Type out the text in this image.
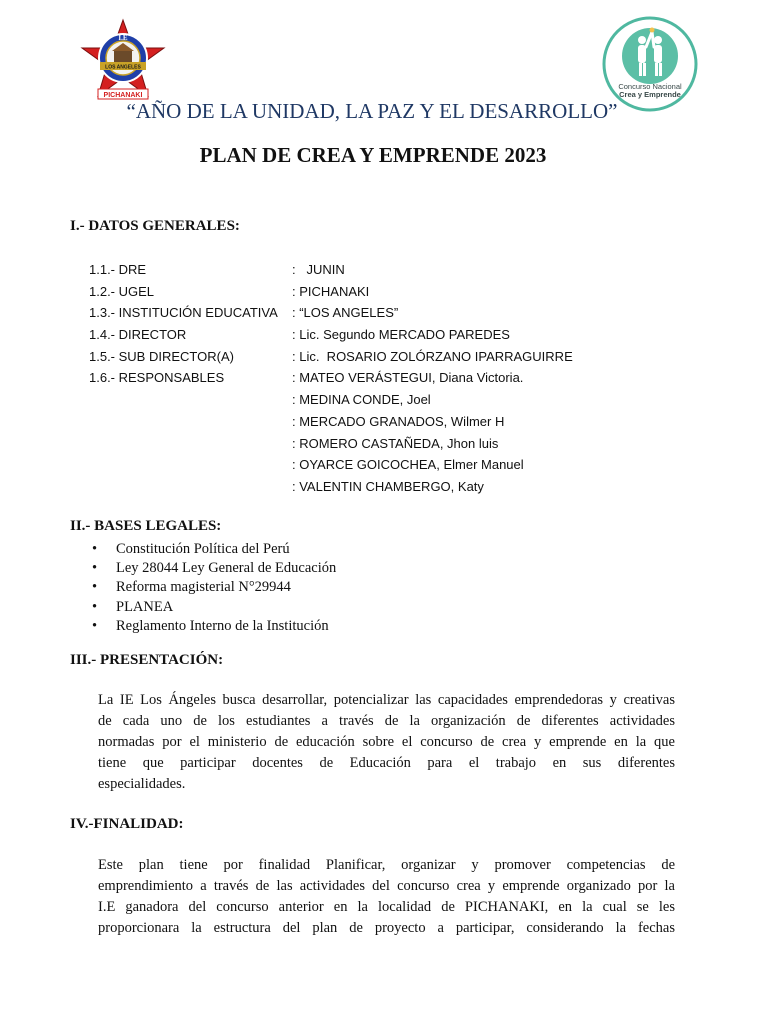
I.E
LOS ANGELES
PICHANAKI
Concurso Nacional
Crea y Emprende
“AÑO DE LA UNIDAD, LA PAZ Y EL DESARROLLO”
PLAN DE CREA Y EMPRENDE 2023
I.- DATOS GENERALES:
1.1.- DRE	:   JUNIN
1.2.- UGEL	: PICHANAKI
1.3.- INSTITUCIÓN EDUCATIVA	: “LOS ANGELES”
1.4.- DIRECTOR	: Lic. Segundo MERCADO PAREDES
1.5.- SUB DIRECTOR(A)	: Lic.  ROSARIO ZOLÓRZANO IPARRAGUIRRE
1.6.- RESPONSABLES	: MATEO VERÁSTEGUI, Diana Victoria.
: MEDINA CONDE, Joel
: MERCADO GRANADOS, Wilmer H
: ROMERO CASTAÑEDA, Jhon luis
: OYARCE GOICOCHEA, Elmer Manuel
: VALENTIN CHAMBERGO, Katy
II.- BASES LEGALES:
• Constitución Política del Perú
• Ley 28044 Ley General de Educación
• Reforma magisterial N°29944
• PLANEA
• Reglamento Interno de la Institución
III.- PRESENTACIÓN:
La IE Los Ángeles busca desarrollar, potencializar las capacidades emprendedoras y creativas
de cada uno de los estudiantes a través de la organización de diferentes actividades
normadas por el ministerio de educación sobre el concurso de crea y emprende en la que
tiene que participar docentes de Educación para el trabajo en sus diferentes
especialidades.
IV.-FINALIDAD:
Este plan tiene por finalidad Planificar, organizar y promover competencias de
emprendimiento a través de las actividades del concurso crea y emprende organizado por la
I.E ganadora del concurso anterior en la localidad de PICHANAKI, en la cual se les
proporcionara la estructura del plan de proyecto a participar, considerando la fechas
